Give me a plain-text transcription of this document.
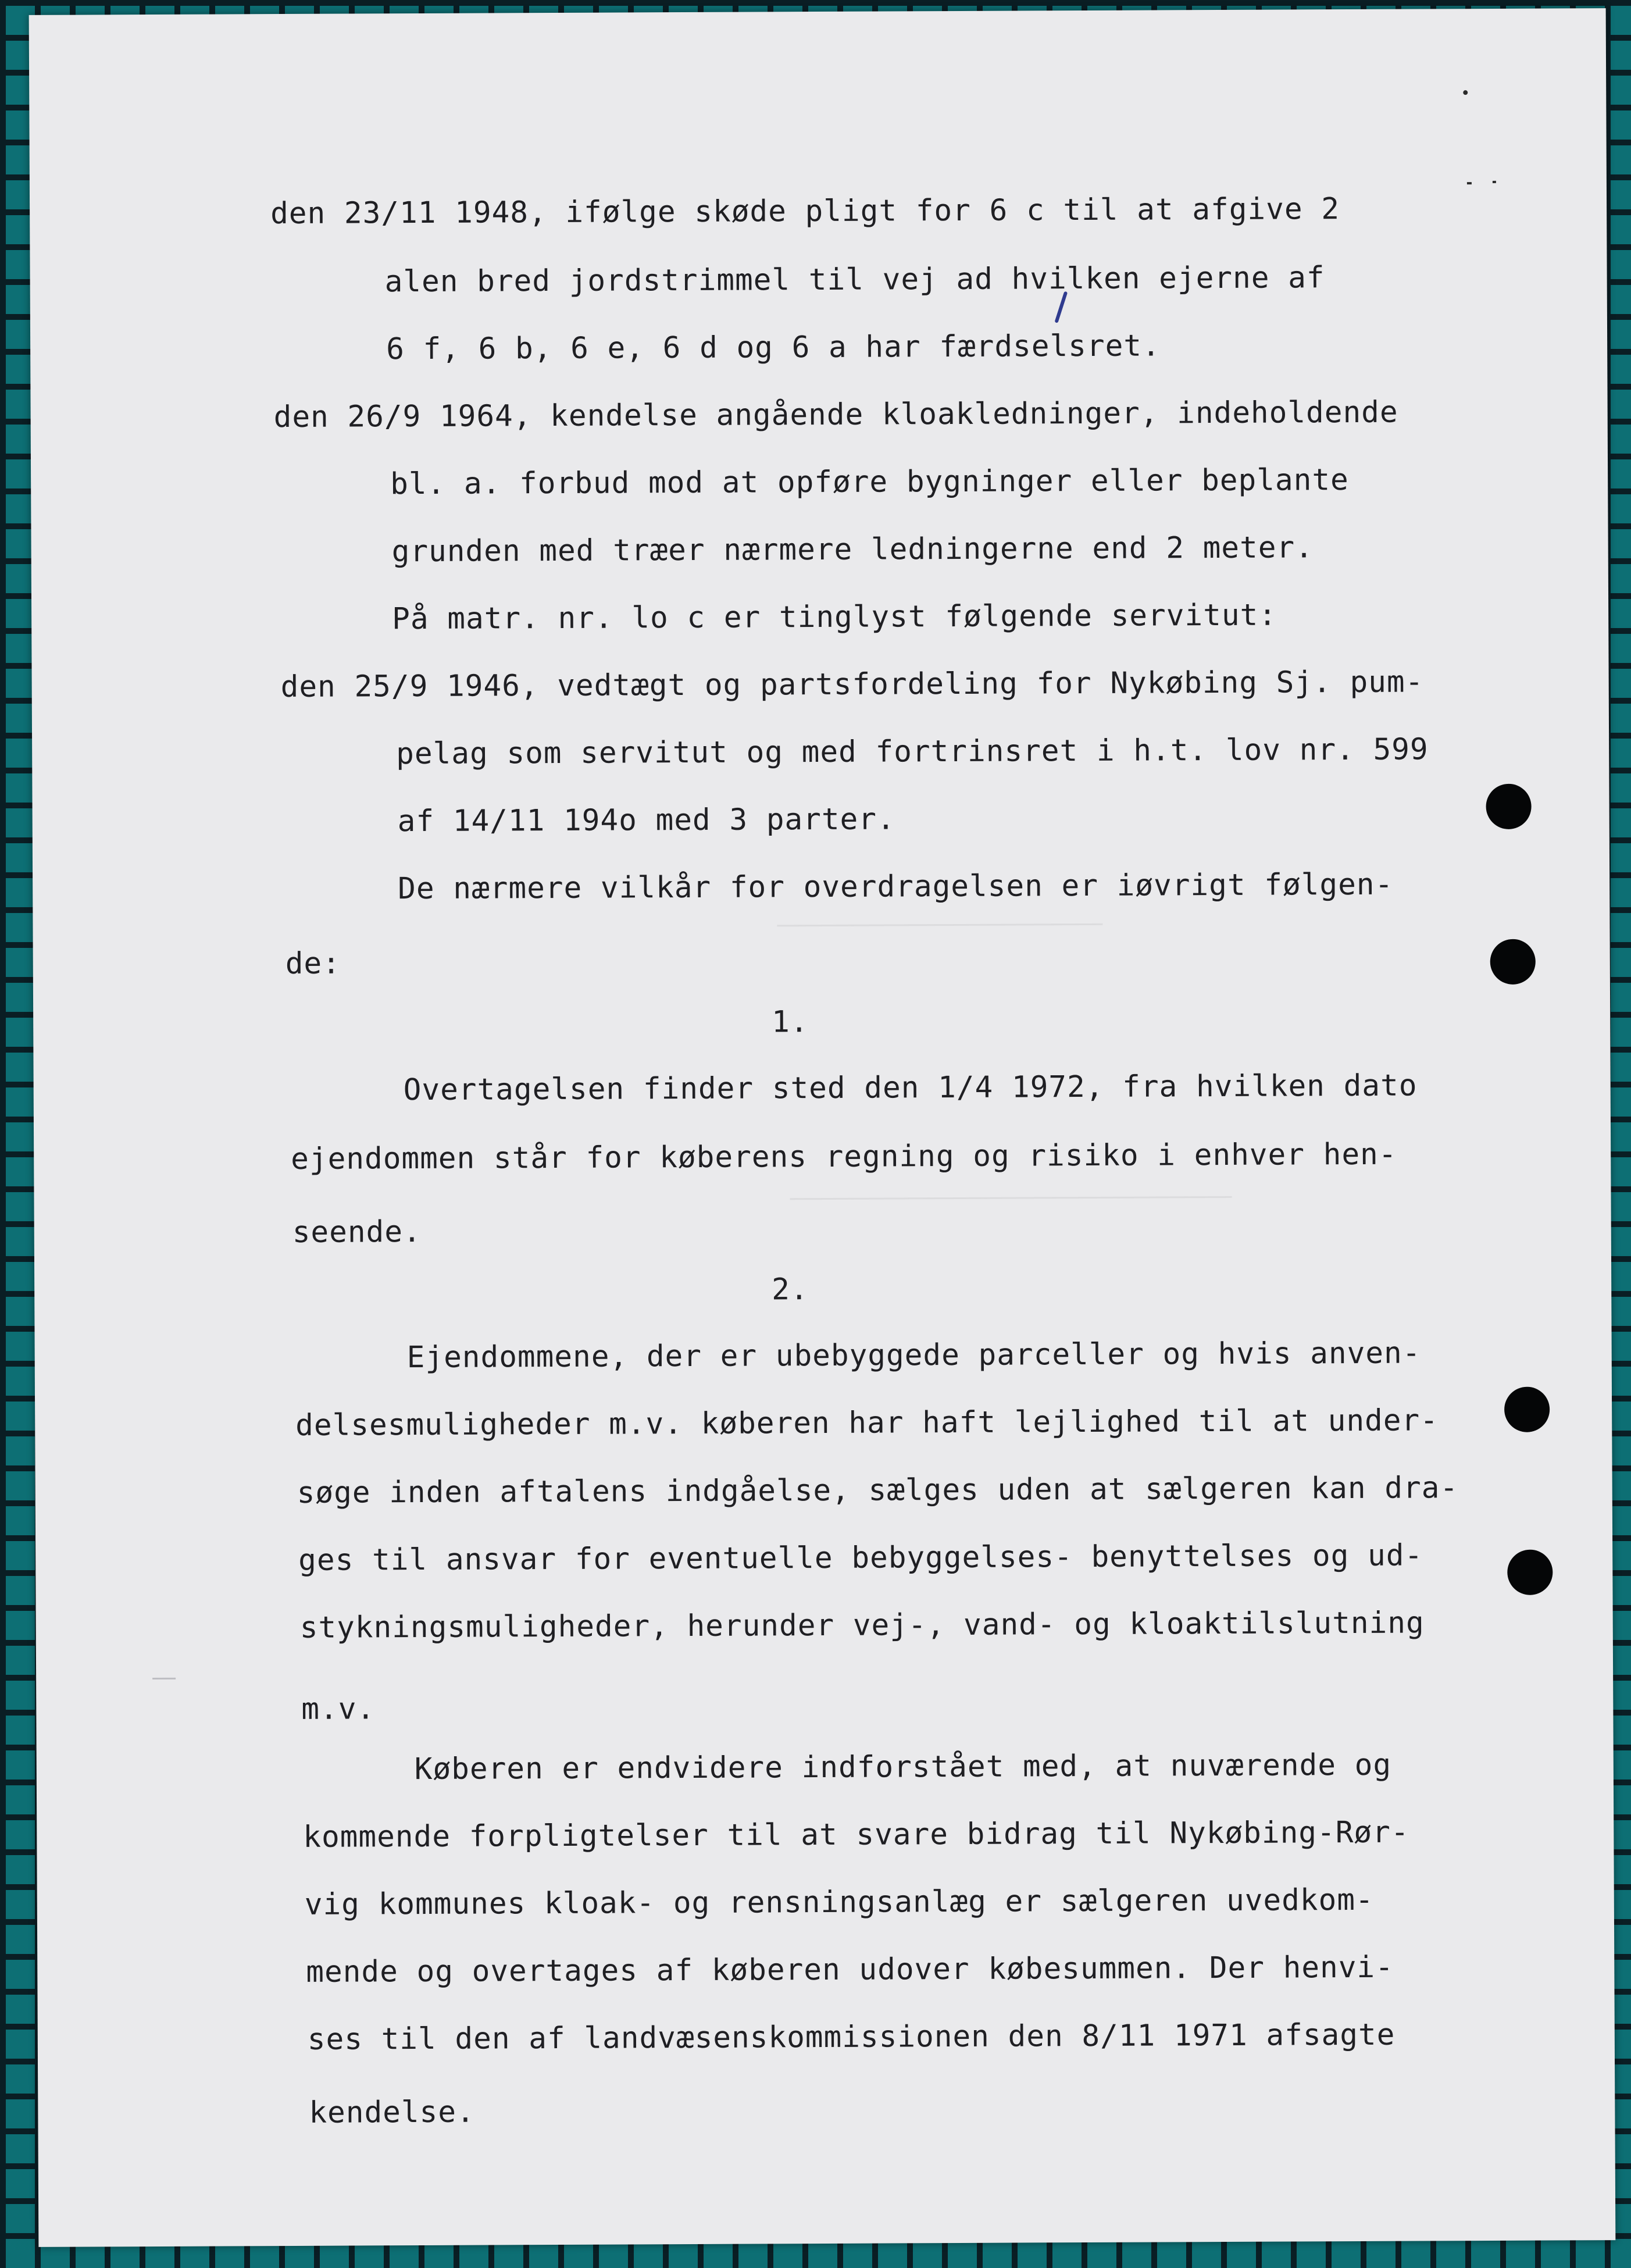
den 23/11 1948, ifølge skøde pligt for 6 c til at afgive 2
alen bred jordstrimmel til vej ad hvilken ejerne af
6 f, 6 b, 6 e, 6 d og 6 a har færdselsret.
den 26/9 1964, kendelse angående kloakledninger, indeholdende
bl. a. forbud mod at opføre bygninger eller beplante
grunden med træer nærmere ledningerne end 2 meter.
På matr. nr. lo c er tinglyst følgende servitut:
den 25/9 1946, vedtægt og partsfordeling for Nykøbing Sj. pum-
pelag som servitut og med fortrinsret i h.t. lov nr. 599
af 14/11 194o med 3 parter.
De nærmere vilkår for overdragelsen er iøvrigt følgen-
de:
1.
Overtagelsen finder sted den 1/4 1972, fra hvilken dato
ejendommen står for køberens regning og risiko i enhver hen-
seende.
2.
Ejendommene, der er ubebyggede parceller og hvis anven-
delsesmuligheder m.v. køberen har haft lejlighed til at under-
søge inden aftalens indgåelse, sælges uden at sælgeren kan dra-
ges til ansvar for eventuelle bebyggelses- benyttelses og ud-
stykningsmuligheder, herunder vej-, vand- og kloaktilslutning
m.v.
Køberen er endvidere indforstået med, at nuværende og
kommende forpligtelser til at svare bidrag til Nykøbing-Rør-
vig kommunes kloak- og rensningsanlæg er sælgeren uvedkom-
mende og overtages af køberen udover købesummen. Der henvi-
ses til den af landvæsenskommissionen den 8/11 1971 afsagte
kendelse.
